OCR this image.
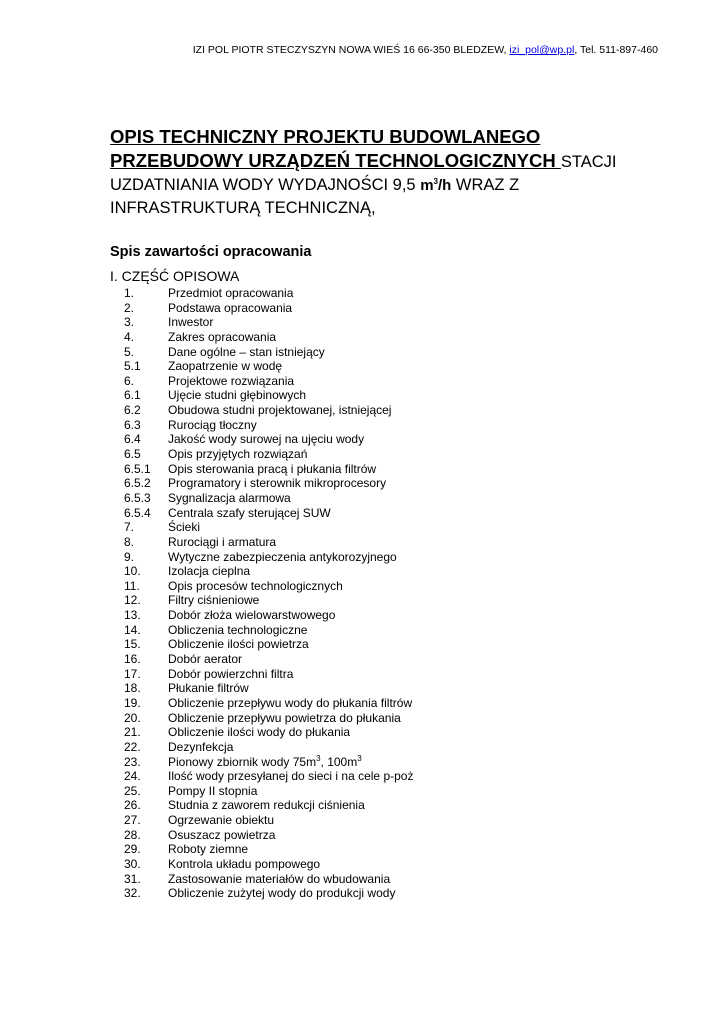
IZI POL PIOTR STECZYSZYN NOWA WIEŚ 16 66-350 BLEDZEW, izi_pol@wp.pl, Tel. 511-897-460
OPIS TECHNICZNY PROJEKTU BUDOWLANEGO
PRZEBUDOWY URZĄDZEŃ TECHNOLOGICZNYCH STACJI
UZDATNIANIA WODY WYDAJNOŚCI 9,5 $m^3/h$ WRAZ Z
INFRASTRUKTURĄ TECHNICZNĄ,
Spis zawartości opracowania
I. CZĘŚĆ OPISOWA
1.	Przedmiot opracowania
2.	Podstawa opracowania
3.	Inwestor
4.	Zakres opracowania
5.	Dane ogólne – stan istniejący
5.1	Zaopatrzenie w wodę
6.	Projektowe rozwiązania
6.1	Ujęcie studni głębinowych
6.2	Obudowa studni projektowanej, istniejącej
6.3	Rurociąg tłoczny
6.4	Jakość wody surowej na ujęciu wody
6.5	Opis przyjętych rozwiązań
6.5.1	Opis sterowania pracą i płukania filtrów
6.5.2	Programatory i sterownik mikroprocesory
6.5.3	Sygnalizacja alarmowa
6.5.4	Centrala szafy sterującej SUW
7.	Ścieki
8.	Rurociągi i armatura
9.	Wytyczne zabezpieczenia antykorozyjnego
10.	Izolacja cieplna
11.	Opis procesów technologicznych
12.	Filtry ciśnieniowe
13.	Dobór złoża wielowarstwowego
14.	Obliczenia technologiczne
15.	Obliczenie ilości powietrza
16.	Dobór aerator
17.	Dobór powierzchni filtra
18.	Płukanie filtrów
19.	Obliczenie przepływu wody do płukania filtrów
20.	Obliczenie przepływu powietrza do płukania
21.	Obliczenie ilości wody do płukania
22.	Dezynfekcja
23.	Pionowy zbiornik wody $75m^3$, $100m^3$
24.	Ilość wody przesyłanej do sieci i na cele p-poż
25.	Pompy II stopnia
26.	Studnia z zaworem redukcji ciśnienia
27.	Ogrzewanie obiektu
28.	Osuszacz powietrza
29.	Roboty ziemne
30.	Kontrola układu pompowego
31.	Zastosowanie materiałów do wbudowania
32.	Obliczenie zużytej wody do produkcji wody
